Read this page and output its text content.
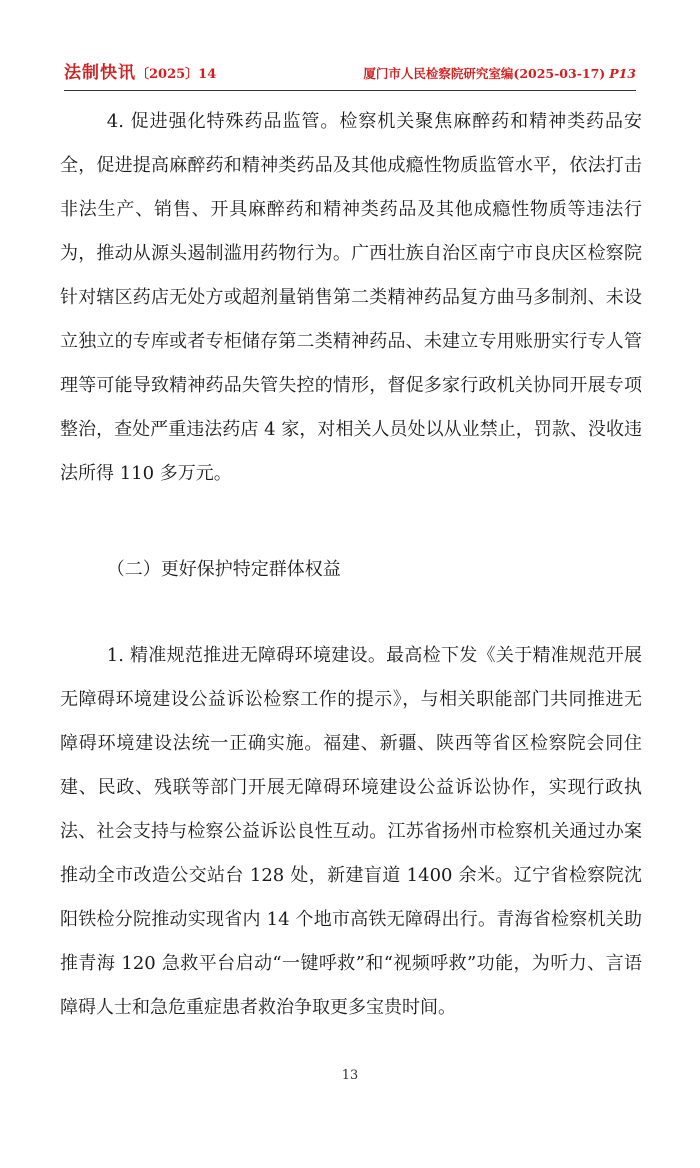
法制快讯〔2025〕14	厦门市人民检察院研究室编(2025-03-17) P13

4. 促进强化特殊药品监管。检察机关聚焦麻醉药和精神类药品安全，促进提高麻醉药和精神类药品及其他成瘾性物质监管水平，依法打击非法生产、销售、开具麻醉药和精神类药品及其他成瘾性物质等违法行为，推动从源头遏制滥用药物行为。广西壮族自治区南宁市良庆区检察院针对辖区药店无处方或超剂量销售第二类精神药品复方曲马多制剂、未设立独立的专库或者专柜储存第二类精神药品、未建立专用账册实行专人管理等可能导致精神药品失管失控的情形，督促多家行政机关协同开展专项整治，查处严重违法药店 4 家，对相关人员处以从业禁止，罚款、没收违法所得 110 多万元。

（二）更好保护特定群体权益

1. 精准规范推进无障碍环境建设。最高检下发《关于精准规范开展无障碍环境建设公益诉讼检察工作的提示》，与相关职能部门共同推进无障碍环境建设法统一正确实施。福建、新疆、陕西等省区检察院会同住建、民政、残联等部门开展无障碍环境建设公益诉讼协作，实现行政执法、社会支持与检察公益诉讼良性互动。江苏省扬州市检察机关通过办案推动全市改造公交站台 128 处，新建盲道 1400 余米。辽宁省检察院沈阳铁检分院推动实现省内 14 个地市高铁无障碍出行。青海省检察机关助推青海 120 急救平台启动“一键呼救”和“视频呼救”功能，为听力、言语障碍人士和急危重症患者救治争取更多宝贵时间。

13
